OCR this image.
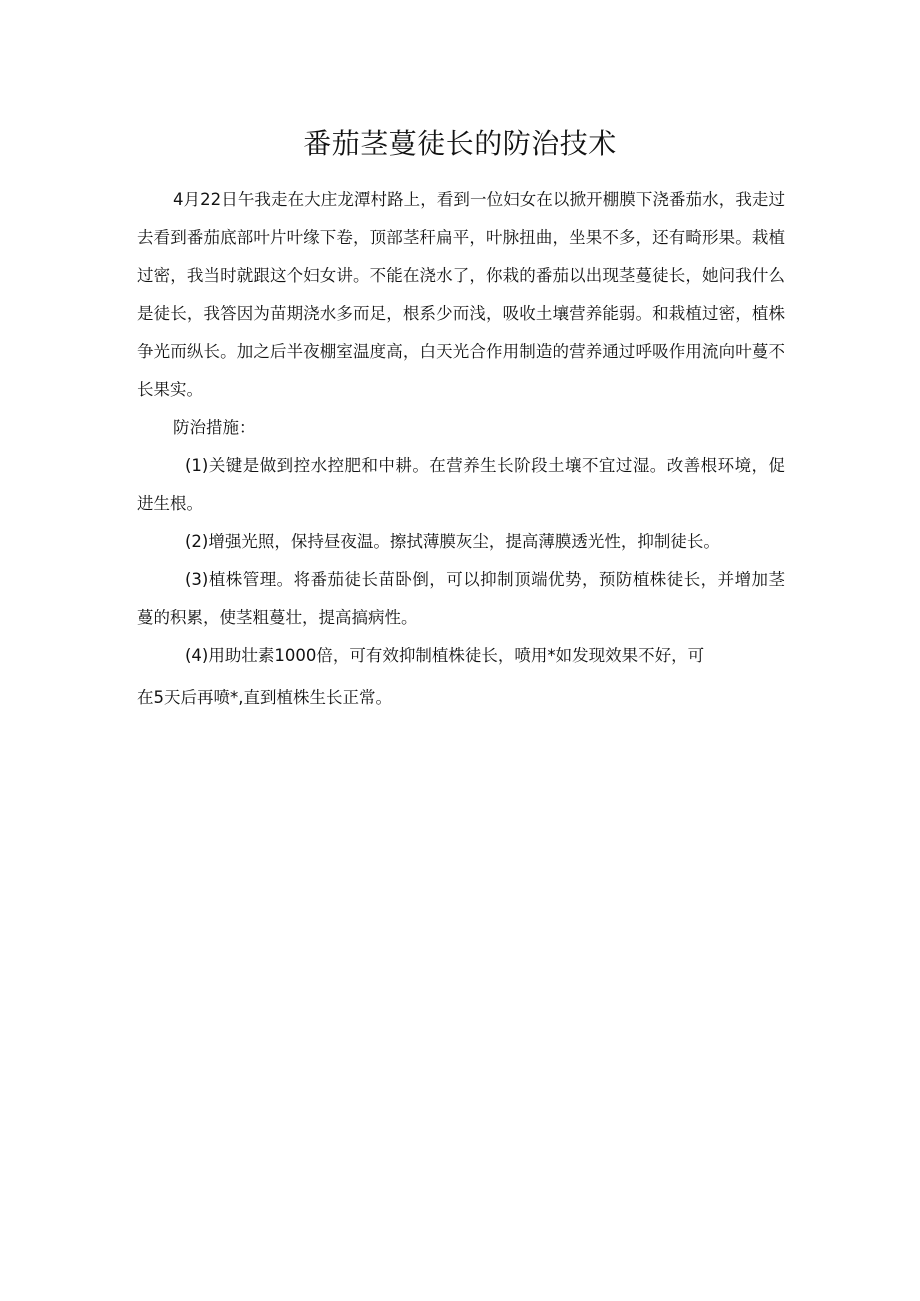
番茄茎蔓徒长的防治技术

4月22日午我走在大庄龙潭村路上，看到一位妇女在以掀开棚膜下浇番茄水，我走过去看到番茄底部叶片叶缘下卷，顶部茎秆扁平，叶脉扭曲，坐果不多，还有畸形果。栽植过密，我当时就跟这个妇女讲。不能在浇水了，你栽的番茄以出现茎蔓徒长，她问我什么是徒长，我答因为苗期浇水多而足，根系少而浅，吸收土壤营养能弱。和栽植过密，植株争光而纵长。加之后半夜棚室温度高，白天光合作用制造的营养通过呼吸作用流向叶蔓不长果实。

防治措施：

(1)关键是做到控水控肥和中耕。在营养生长阶段土壤不宜过湿。改善根环境，促进生根。

(2)增强光照，保持昼夜温。擦拭薄膜灰尘，提高薄膜透光性，抑制徒长。

(3)植株管理。将番茄徒长苗卧倒，可以抑制顶端优势，预防植株徒长，并增加茎蔓的积累，使茎粗蔓壮，提高搞病性。

(4)用助壮素1000倍，可有效抑制植株徒长，喷用*如发现效果不好，可

在5天后再喷*,直到植株生长正常。
